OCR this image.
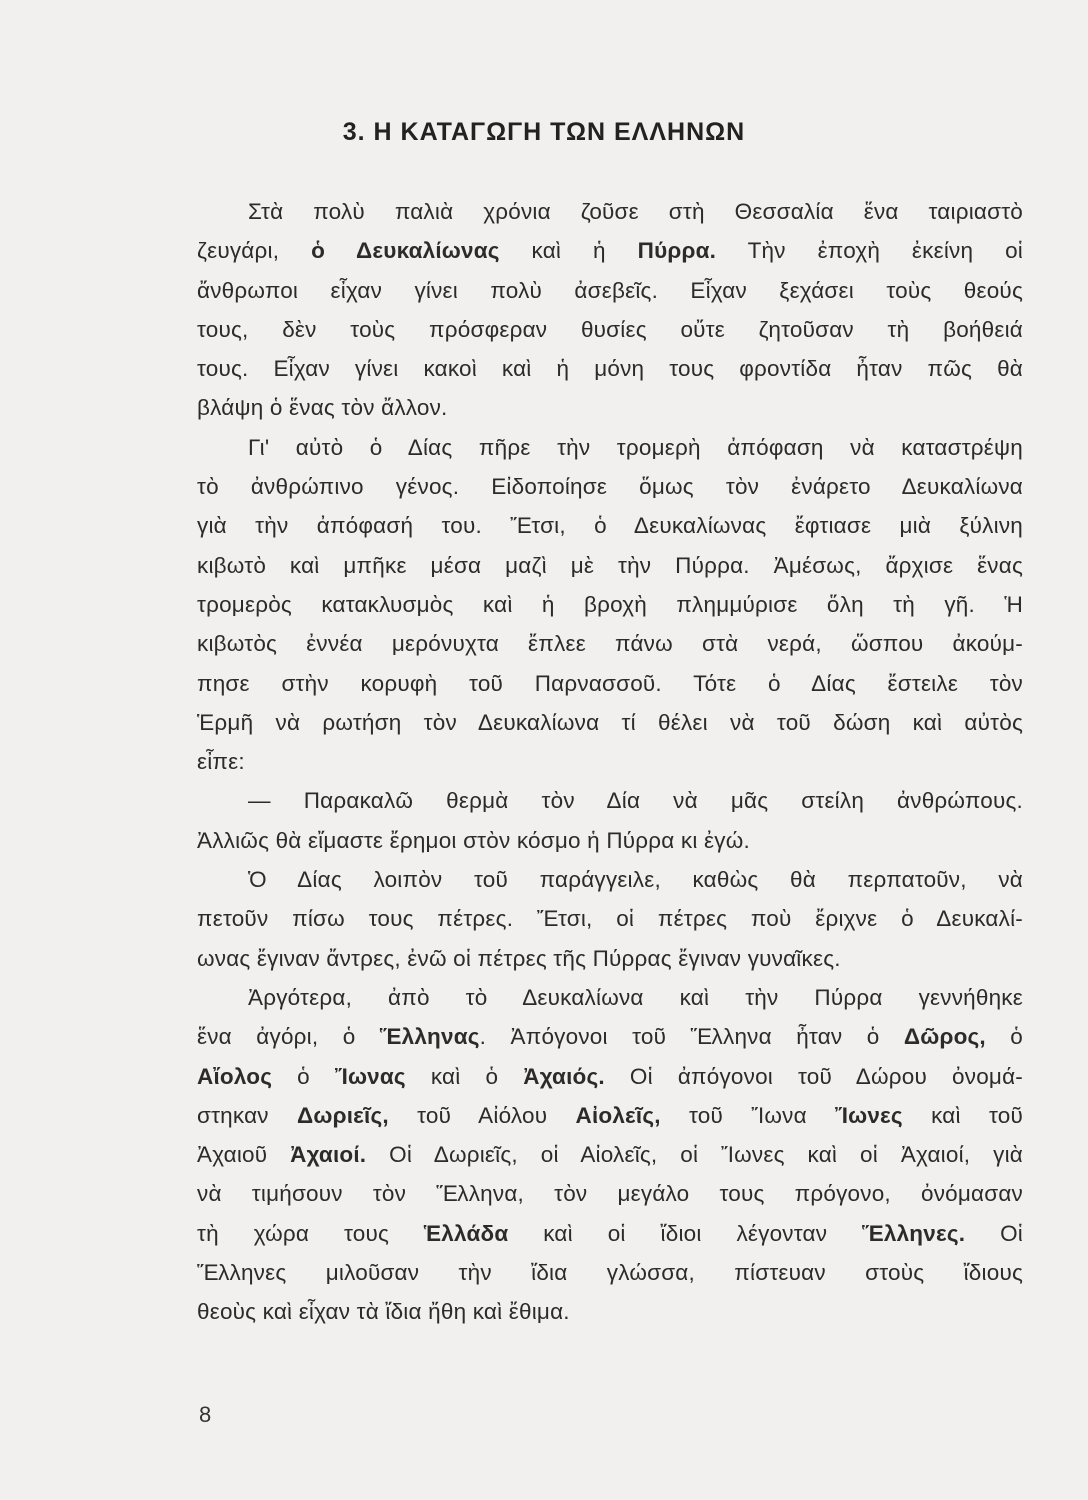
3. Η ΚΑΤΑΓΩΓΗ ΤΩΝ ΕΛΛΗΝΩΝ
Στὰ πολὺ παλιὰ χρόνια ζοῦσε στὴ Θεσσαλία ἕνα ταιριαστὸ
ζευγάρι, ὁ Δευκαλίωνας καὶ ἡ Πύρρα. Τὴν ἐποχὴ ἐκείνη οἱ
ἄνθρωποι εἶχαν γίνει πολὺ ἀσεβεῖς. Εἶχαν ξεχάσει τοὺς θεούς
τους, δὲν τοὺς πρόσφεραν θυσίες οὔτε ζητοῦσαν τὴ βοήθειά
τους. Εἶχαν γίνει κακοὶ καὶ ἡ μόνη τους φροντίδα ἦταν πῶς θὰ
βλάψη ὁ ἕνας τὸν ἄλλον.
Γι' αὐτὸ ὁ Δίας πῆρε τὴν τρομερὴ ἀπόφαση νὰ καταστρέψη
τὸ ἀνθρώπινο γένος. Εἰδοποίησε ὅμως τὸν ἐνάρετο Δευκαλίωνα
γιὰ τὴν ἀπόφασή του. Ἔτσι, ὁ Δευκαλίωνας ἔφτιασε μιὰ ξύλινη
κιβωτὸ καὶ μπῆκε μέσα μαζὶ μὲ τὴν Πύρρα. Ἀμέσως, ἄρχισε ἕνας
τρομερὸς κατακλυσμὸς καὶ ἡ βροχὴ πλημμύρισε ὅλη τὴ γῆ. Ἡ
κιβωτὸς ἐννέα μερόνυχτα ἔπλεε πάνω στὰ νερά, ὥσπου ἀκούμ-
πησε στὴν κορυφὴ τοῦ Παρνασσοῦ. Τότε ὁ Δίας ἔστειλε τὸν
Ἑρμῆ νὰ ρωτήση τὸν Δευκαλίωνα τί θέλει νὰ τοῦ δώση καὶ αὐτὸς
εἶπε:
— Παρακαλῶ θερμὰ τὸν Δία νὰ μᾶς στείλη ἀνθρώπους.
Ἀλλιῶς θὰ εἴμαστε ἔρημοι στὸν κόσμο ἡ Πύρρα κι ἐγώ.
Ὁ Δίας λοιπὸν τοῦ παράγγειλε, καθὼς θὰ περπατοῦν, νὰ
πετοῦν πίσω τους πέτρες. Ἔτσι, οἱ πέτρες ποὺ ἔριχνε ὁ Δευκαλί-
ωνας ἔγιναν ἄντρες, ἐνῶ οἱ πέτρες τῆς Πύρρας ἔγιναν γυναῖκες.
Ἀργότερα, ἀπὸ τὸ Δευκαλίωνα καὶ τὴν Πύρρα γεννήθηκε
ἕνα ἀγόρι, ὁ Ἕλληνας. Ἀπόγονοι τοῦ Ἕλληνα ἦταν ὁ Δῶρος, ὁ
Αἴολος ὁ Ἴωνας καὶ ὁ Ἀχαιός. Οἱ ἀπόγονοι τοῦ Δώρου ὀνομά-
στηκαν Δωριεῖς, τοῦ Αἰόλου Αἰολεῖς, τοῦ Ἴωνα Ἴωνες καὶ τοῦ
Ἀχαιοῦ Ἀχαιοί. Οἱ Δωριεῖς, οἱ Αἰολεῖς, οἱ Ἴωνες καὶ οἱ Ἀχαιοί, γιὰ
νὰ τιμήσουν τὸν Ἕλληνα, τὸν μεγάλο τους πρόγονο, ὀνόμασαν
τὴ χώρα τους Ἑλλάδα καὶ οἱ ἴδιοι λέγονταν Ἕλληνες. Οἱ
Ἕλληνες μιλοῦσαν τὴν ἴδια γλώσσα, πίστευαν στοὺς ἴδιους
θεοὺς καὶ εἶχαν τὰ ἴδια ἤθη καὶ ἔθιμα.
8
